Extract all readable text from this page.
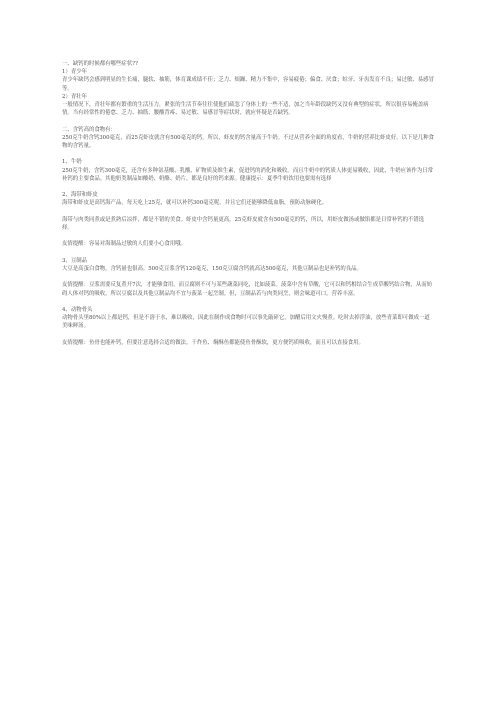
一、缺钙的时候都有哪些症状??

1）青少年

青少年缺钙会感到明显的生长痛，腿软、抽筋，体育课成绩不佳；乏力、烦躁、精力不集中，容易疲倦；偏食、厌食；蛀牙、牙齿发育不良；易过敏、易感冒等。

2）青壮年

一般情况下，青壮年都有繁重的生活压力，紧张的生活节奏往往使他们疏忽了身体上的一些不适，加之当年龄段缺钙又没有典型的症状，所以很容易掩盖病情。当有经常性的倦怠、乏力、抽筋、腰酸背疼、易过敏、易感冒等症状时，就应怀疑是否缺钙。

二、含钙高的食物有：

250克牛奶含钙300毫克，而25克虾皮就含有500毫克的钙。所以，虾皮的钙含量高于牛奶。不过从营养全面的角度看，牛奶的营养比虾皮好。以下是几种食物的含钙量。

1、牛奶

250克牛奶，含钙300毫克，还含有多种氨基酸、乳酸、矿物质及维生素，促进钙的消化和吸收。而且牛奶中的钙质人体更易吸收，因此，牛奶应该作为日常补钙的主要食品。其他奶类制品如酸奶、奶酪、奶片，都是良好的钙来源。健康提示：夏季牛奶饮用也要需有选择

2、海带和虾皮

海带和虾皮是高钙海产品，每天吃上25克，就可以补钙300毫克呢。并且它们还能够降低血脂，预防动脉硬化。

海带与肉类同煮或是煮熟后凉拌，都是不错的美食。虾皮中含钙量更高，25克虾皮就含有500毫克的钙，所以，用虾皮做汤或做馅都是日常补钙的不错选择。

友情提醒：容易对海制品过敏的人们要小心食用哦。

3、豆制品

大豆是高蛋白食物，含钙量也很高。500克豆浆含钙120毫克，150克豆腐含钙就高达500毫克，其他豆制品也是补钙的良品。

友情提醒：豆浆需要反复煮开7次，才能够食用。而豆腐则不可与某些蔬菜同吃，比如菠菜。菠菜中含有草酸，它可以和钙相结合生成草酸钙结合物，从而妨碍人体对钙的吸收，所以豆腐以及其他豆制品均不宜与菠菜一起烹制。但，豆制品若与肉类同烹，则会味道可口，营养丰富。

4、动物骨头

动物骨头里80%以上都是钙，但是不溶于水，难以吸收，因此在制作成食物时可以事先敲碎它，加醋后用文火慢煮。吃时去掉浮油，放些青菜即可做成一道美味鲜汤。

友情提醒：鱼骨也能补钙，但要注意选择合适的做法。干炸鱼、焖酥鱼都能使鱼骨酥软，更方便钙质吸收，而且可以直接食用。
